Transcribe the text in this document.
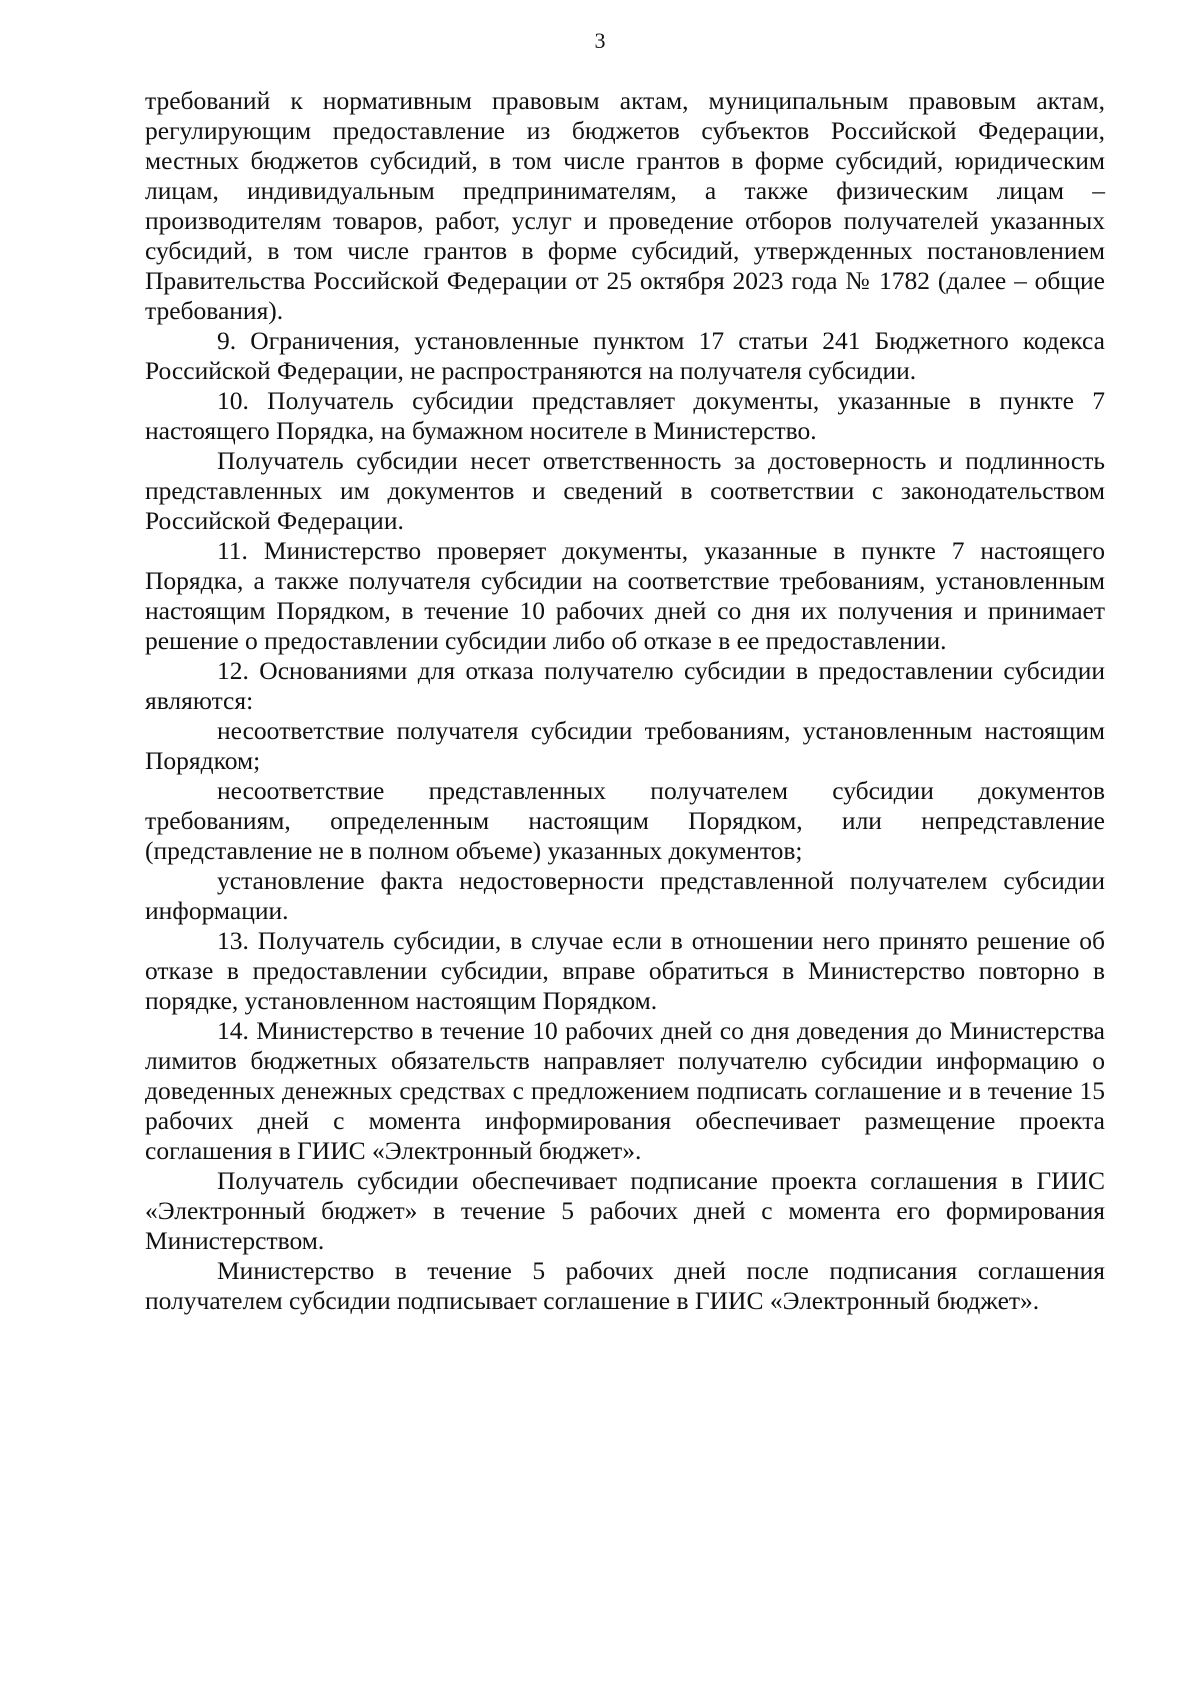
3

требований к нормативным правовым актам, муниципальным правовым актам, регулирующим предоставление из бюджетов субъектов Российской Федерации, местных бюджетов субсидий, в том числе грантов в форме субсидий, юридическим лицам, индивидуальным предпринимателям, а также физическим лицам – производителям товаров, работ, услуг и проведение отборов получателей указанных субсидий, в том числе грантов в форме субсидий, утвержденных постановлением Правительства Российской Федерации от 25 октября 2023 года № 1782 (далее – общие требования).

9. Ограничения, установленные пунктом 17 статьи 241 Бюджетного кодекса Российской Федерации, не распространяются на получателя субсидии.

10. Получатель субсидии представляет документы, указанные в пункте 7 настоящего Порядка, на бумажном носителе в Министерство.

Получатель субсидии несет ответственность за достоверность и подлинность представленных им документов и сведений в соответствии с законодательством Российской Федерации.

11. Министерство проверяет документы, указанные в пункте 7 настоящего Порядка, а также получателя субсидии на соответствие требованиям, установленным настоящим Порядком, в течение 10 рабочих дней со дня их получения и принимает решение о предоставлении субсидии либо об отказе в ее предоставлении.

12. Основаниями для отказа получателю субсидии в предоставлении субсидии являются:

несоответствие получателя субсидии требованиям, установленным настоящим Порядком;

несоответствие представленных получателем субсидии документов требованиям, определенным настоящим Порядком, или непредставление (представление не в полном объеме) указанных документов;

установление факта недостоверности представленной получателем субсидии информации.

13. Получатель субсидии, в случае если в отношении него принято решение об отказе в предоставлении субсидии, вправе обратиться в Министерство повторно в порядке, установленном настоящим Порядком.

14. Министерство в течение 10 рабочих дней со дня доведения до Министерства лимитов бюджетных обязательств направляет получателю субсидии информацию о доведенных денежных средствах с предложением подписать соглашение и в течение 15 рабочих дней с момента информирования обеспечивает размещение проекта соглашения в ГИИС «Электронный бюджет».

Получатель субсидии обеспечивает подписание проекта соглашения в ГИИС «Электронный бюджет» в течение 5 рабочих дней с момента его формирования Министерством.

Министерство в течение 5 рабочих дней после подписания соглашения получателем субсидии подписывает соглашение в ГИИС «Электронный бюджет».
